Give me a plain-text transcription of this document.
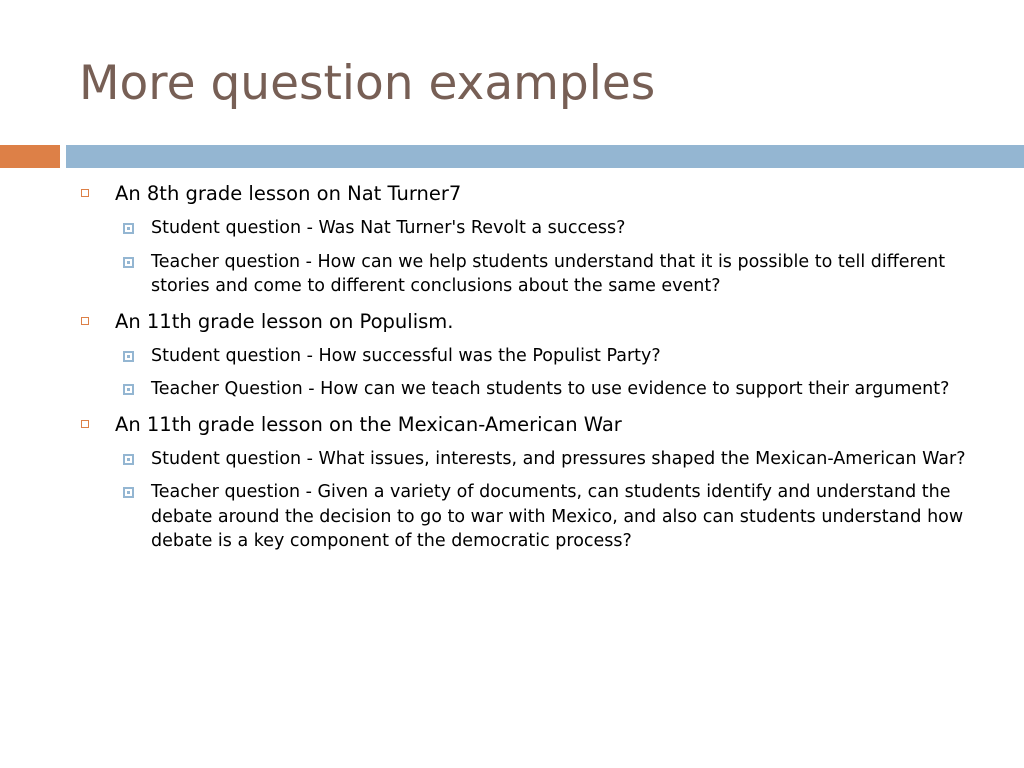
More question examples
An 8th grade lesson on Nat Turner7
Student question - Was Nat Turner's Revolt a success?
Teacher question - How can we help students understand that it is possible to tell different stories and come to different conclusions about the same event?
An 11th grade lesson on Populism.
Student question - How successful was the Populist Party?
Teacher Question - How can we teach students to use evidence to support their argument?
An 11th grade lesson on the Mexican-American War
Student question - What issues, interests, and pressures shaped the Mexican-American War?
Teacher question - Given a variety of documents, can students identify and understand the debate around the decision to go to war with Mexico, and also can students understand how debate is a key component of the democratic process?
